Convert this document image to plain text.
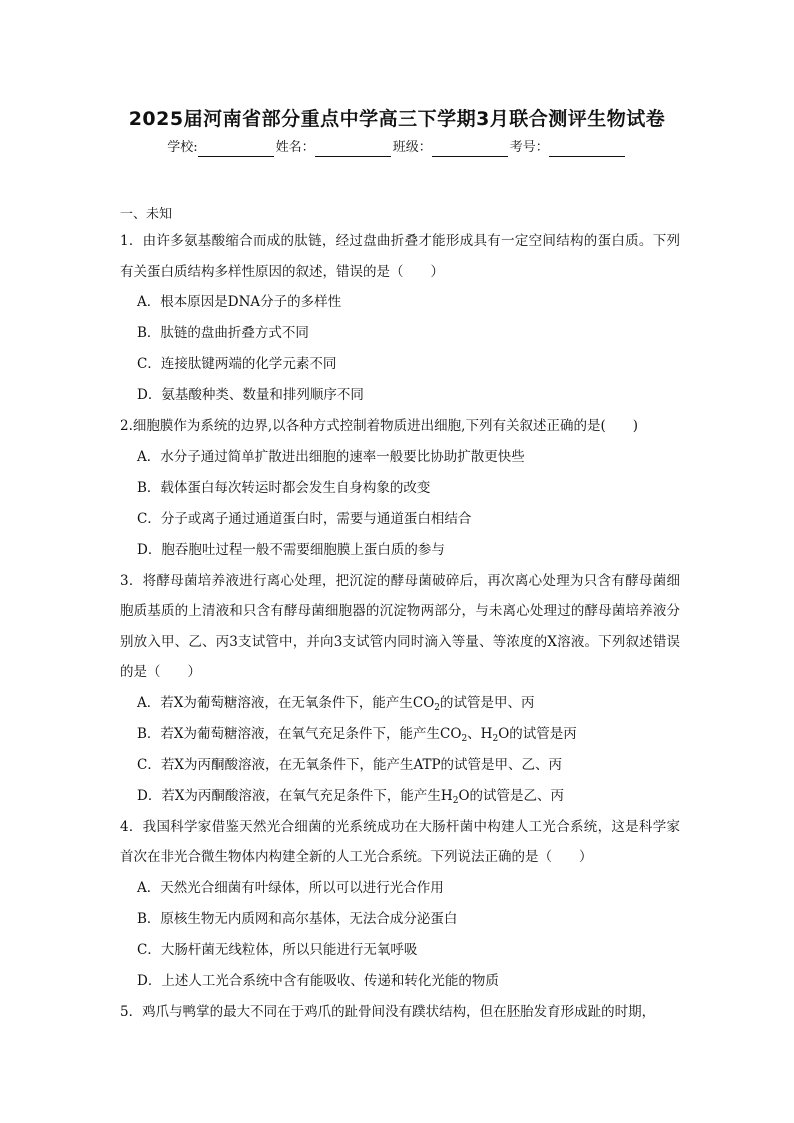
2025届河南省部分重点中学高三下学期3月联合测评生物试卷
学校:	姓名：	班级：	考号：
一、未知
1．由许多氨基酸缩合而成的肽链，经过盘曲折叠才能形成具有一定空间结构的蛋白质。下列有关蛋白质结构多样性原因的叙述，错误的是（　　）
A．根本原因是DNA分子的多样性
B．肽链的盘曲折叠方式不同
C．连接肽键两端的化学元素不同
D．氨基酸种类、数量和排列顺序不同
2.细胞膜作为系统的边界,以各种方式控制着物质进出细胞,下列有关叙述正确的是(　　)
A．水分子通过简单扩散进出细胞的速率一般要比协助扩散更快些
B．载体蛋白每次转运时都会发生自身构象的改变
C．分子或离子通过通道蛋白时，需要与通道蛋白相结合
D．胞吞胞吐过程一般不需要细胞膜上蛋白质的参与
3．将酵母菌培养液进行离心处理，把沉淀的酵母菌破碎后，再次离心处理为只含有酵母菌细胞质基质的上清液和只含有酵母菌细胞器的沉淀物两部分，与未离心处理过的酵母菌培养液分别放入甲、乙、丙3支试管中，并向3支试管内同时滴入等量、等浓度的X溶液。下列叙述错误的是（　　）
A．若X为葡萄糖溶液，在无氧条件下，能产生$CO_2$的试管是甲、丙
B．若X为葡萄糖溶液，在氧气充足条件下，能产生$CO_2$、$H_2O$的试管是丙
C．若X为丙酮酸溶液，在无氧条件下，能产生ATP的试管是甲、乙、丙
D．若X为丙酮酸溶液，在氧气充足条件下，能产生$H_2O$的试管是乙、丙
4．我国科学家借鉴天然光合细菌的光系统成功在大肠杆菌中构建人工光合系统，这是科学家首次在非光合微生物体内构建全新的人工光合系统。下列说法正确的是（　　）
A．天然光合细菌有叶绿体，所以可以进行光合作用
B．原核生物无内质网和高尔基体，无法合成分泌蛋白
C．大肠杆菌无线粒体，所以只能进行无氧呼吸
D．上述人工光合系统中含有能吸收、传递和转化光能的物质
5．鸡爪与鸭掌的最大不同在于鸡爪的趾骨间没有蹼状结构，但在胚胎发育形成趾的时期，
